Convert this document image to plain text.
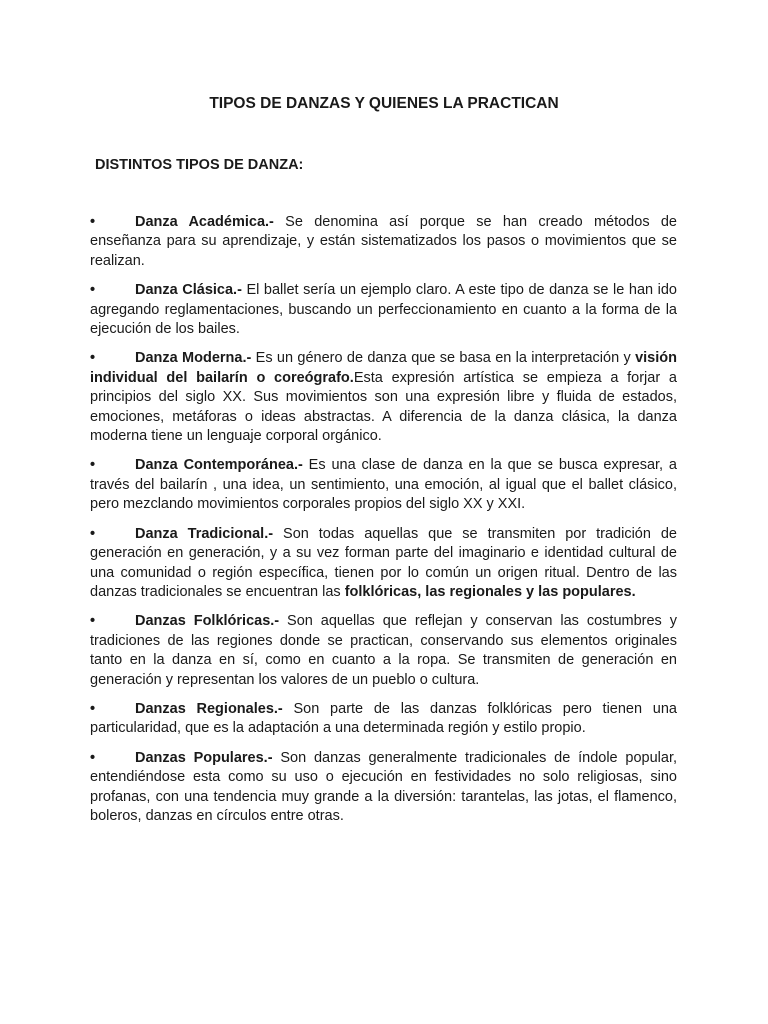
TIPOS DE DANZAS Y QUIENES LA PRACTICAN
DISTINTOS TIPOS DE DANZA:
•	Danza Académica.- Se denomina así porque se han creado métodos de enseñanza para su aprendizaje, y están sistematizados los pasos o movimientos que se realizan.
•	Danza Clásica.- El ballet sería un ejemplo claro. A este tipo de danza se le han ido agregando reglamentaciones, buscando un perfeccionamiento en cuanto a la forma de la ejecución de los bailes.
•	Danza Moderna.- Es un género de danza que se basa en la interpretación y visión individual del bailarín o coreógrafo.Esta expresión artística se empieza a forjar a principios del siglo XX. Sus movimientos son una expresión libre y fluida de estados, emociones, metáforas o ideas abstractas. A diferencia de la danza clásica, la danza moderna tiene un lenguaje corporal orgánico.
•	Danza Contemporánea.- Es una clase de danza en la que se busca expresar, a través del bailarín , una idea, un sentimiento, una emoción, al igual que el ballet clásico, pero mezclando movimientos corporales propios del siglo XX y XXI.
•	Danza Tradicional.- Son todas aquellas que se transmiten por tradición de generación en generación, y a su vez forman parte del imaginario e identidad cultural de una comunidad o región específica, tienen por lo común un origen ritual. Dentro de las danzas tradicionales se encuentran las folklóricas, las regionales y las populares.
•	Danzas Folklóricas.- Son aquellas que reflejan y conservan las costumbres y tradiciones de las regiones donde se practican, conservando sus elementos originales tanto en la danza en sí, como en cuanto a la ropa. Se transmiten de generación en generación y representan los valores de un pueblo o cultura.
•	Danzas Regionales.- Son parte de las danzas folklóricas pero tienen una particularidad, que es la adaptación a una determinada región y estilo propio.
•	Danzas Populares.- Son danzas generalmente tradicionales de índole popular, entendiéndose esta como su uso o ejecución en festividades no solo religiosas, sino profanas, con una tendencia muy grande a la diversión: tarantelas, las jotas, el flamenco, boleros, danzas en círculos entre otras.
